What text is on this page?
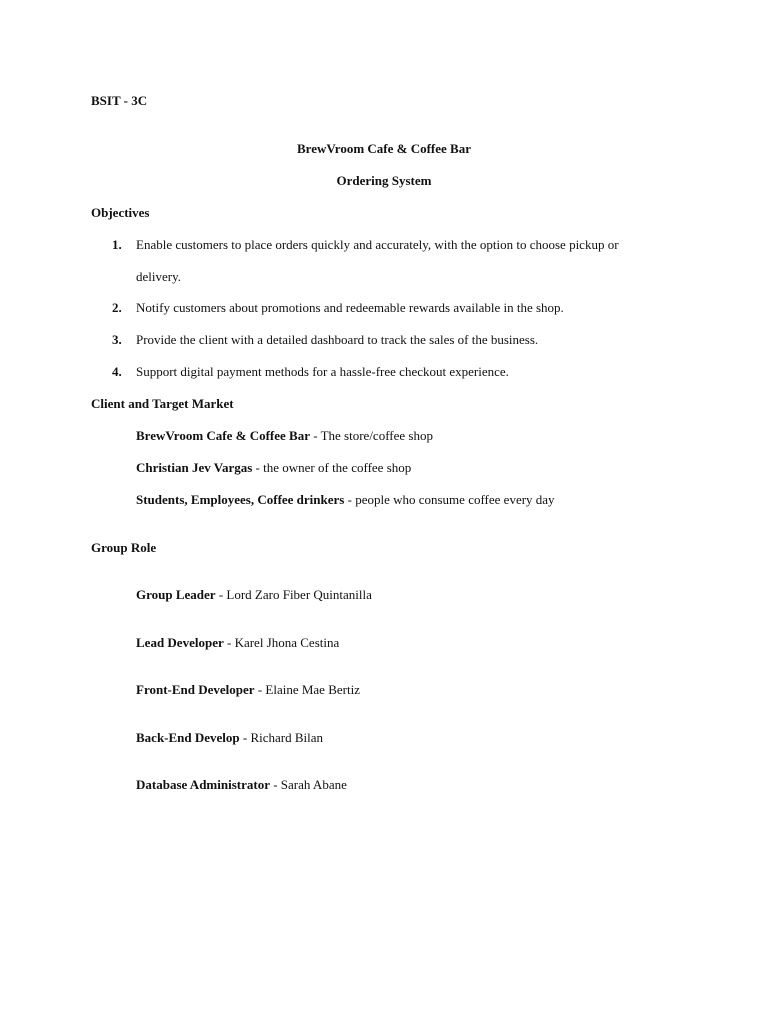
BSIT - 3C
BrewVroom Cafe & Coffee Bar
Ordering System
Objectives
1. Enable customers to place orders quickly and accurately, with the option to choose pickup or
delivery.
2. Notify customers about promotions and redeemable rewards available in the shop.
3. Provide the client with a detailed dashboard to track the sales of the business.
4. Support digital payment methods for a hassle-free checkout experience.
Client and Target Market
BrewVroom Cafe & Coffee Bar - The store/coffee shop
Christian Jev Vargas - the owner of the coffee shop
Students, Employees, Coffee drinkers - people who consume coffee every day
Group Role
Group Leader - Lord Zaro Fiber Quintanilla
Lead Developer - Karel Jhona Cestina
Front-End Developer - Elaine Mae Bertiz
Back-End Develop - Richard Bilan
Database Administrator - Sarah Abane
